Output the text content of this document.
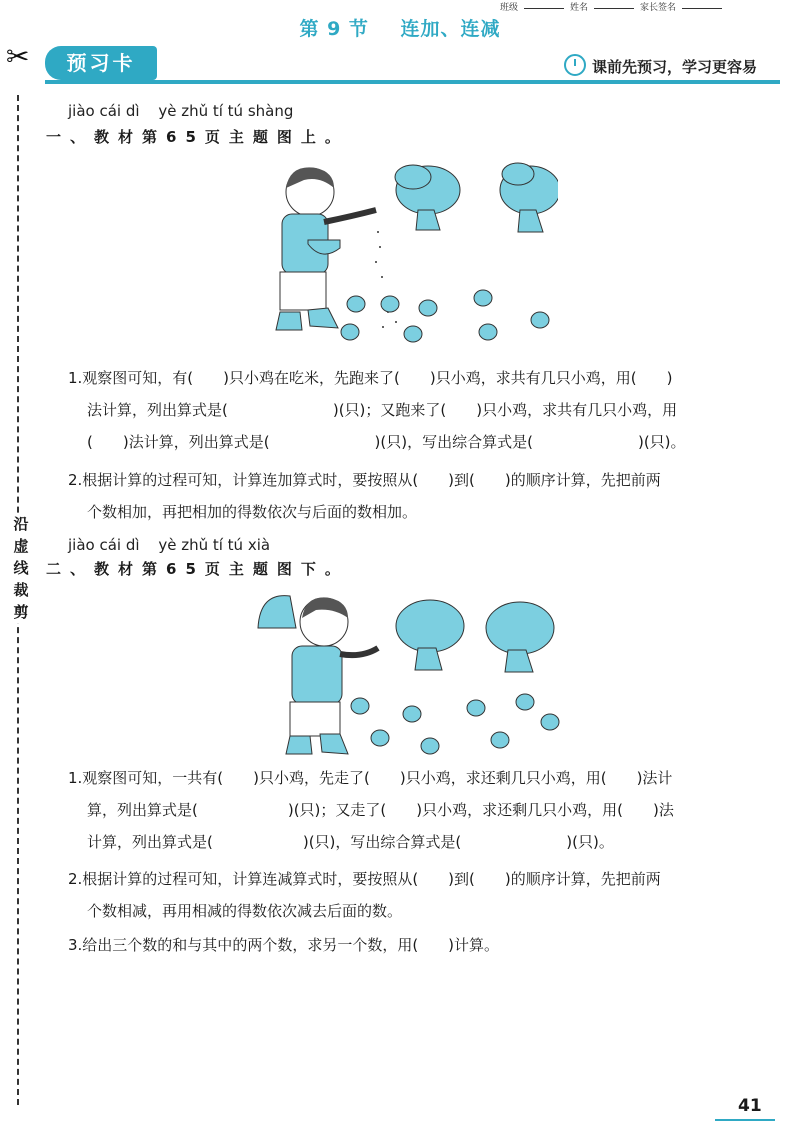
班级	姓名	家长签名
第 9 节 连加、连减
✂
沿虚线裁剪
预习卡	课前先预习，学习更容易
jiào cái dì yè zhǔ tí tú shàng
一、教材第65页主题图上。
1.观察图可知，有(　　)只小鸡在吃米，先跑来了(　　)只小鸡，求共有几只小鸡，用(　　)
法计算，列出算式是(　　　　　　　)(只)；又跑来了(　　)只小鸡，求共有几只小鸡，用
(　　)法计算，列出算式是(　　　　　　　)(只)，写出综合算式是(　　　　　　　)(只)。
2.根据计算的过程可知，计算连加算式时，要按照从(　　)到(　　)的顺序计算，先把前两
个数相加，再把相加的得数依次与后面的数相加。
jiào cái dì yè zhǔ tí tú xià
二、教材第65页主题图下。
1.观察图可知，一共有(　　)只小鸡，先走了(　　)只小鸡，求还剩几只小鸡，用(　　)法计
算，列出算式是(　　　　　　)(只)；又走了(　　)只小鸡，求还剩几只小鸡，用(　　)法
计算，列出算式是(　　　　　　)(只)，写出综合算式是(　　　　　　　)(只)。
2.根据计算的过程可知，计算连减算式时，要按照从(　　)到(　　)的顺序计算，先把前两
个数相减，再用相减的得数依次减去后面的数。
3.给出三个数的和与其中的两个数，求另一个数，用(　　)计算。
41
